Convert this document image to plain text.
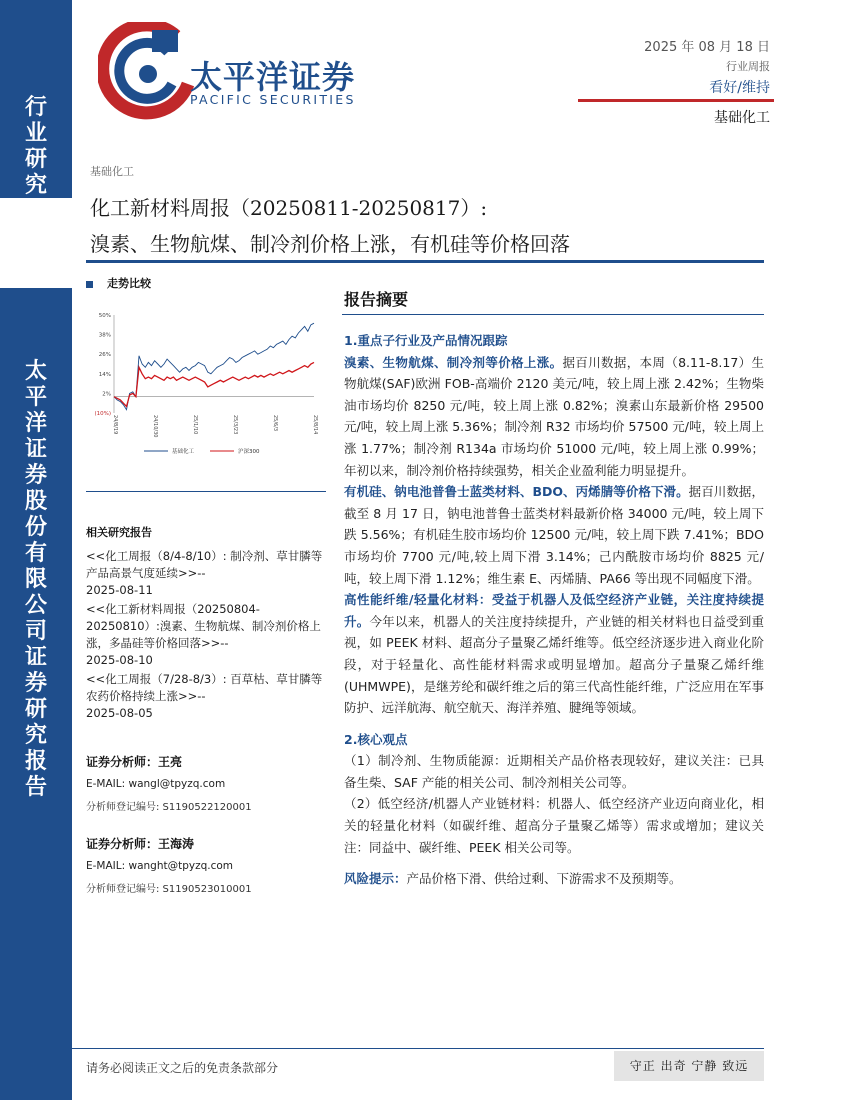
行
业
研
究
太
平
洋
证
券
股
份
有
限
公
司
证
券
研
究
报
告
太平洋证券
PACIFIC SECURITIES
2025 年 08 月 18 日
行业周报
看好/维持
基础化工
基础化工
化工新材料周报（20250811-20250817）:
溴素、生物航煤、制冷剂价格上涨，有机硅等价格回落
走势比较
50%
38%
26%
14%
2%
(10%)
24/8/19	24/10/30	25/1/10	25/3/23	25/6/3	25/8/14
基础化工	沪深300
相关研究报告
<<化工周报（8/4-8/10）: 制冷剂、草甘膦等产品高景气度延续>>--
2025-08-11
<<化工新材料周报（20250804-20250810）:溴素、生物航煤、制冷剂价格上涨，多晶硅等价格回落>>--
2025-08-10
<<化工周报（7/28-8/3）: 百草枯、草甘膦等农药价格持续上涨>>--
2025-08-05
证券分析师：王亮
E-MAIL: wangl@tpyzq.com
分析师登记编号: S1190522120001
证券分析师：王海涛
E-MAIL: wanght@tpyzq.com
分析师登记编号: S1190523010001
报告摘要

1.重点子行业及产品情况跟踪

溴素、生物航煤、制冷剂等价格上涨。据百川数据，本周（8.11-8.17）生物航煤(SAF)欧洲 FOB-高端价 2120 美元/吨，较上周上涨 2.42%；生物柴油市场均价 8250 元/吨，较上周上涨 0.82%；溴素山东最新价格 29500 元/吨，较上周上涨 5.36%；制冷剂 R32 市场均价 57500 元/吨，较上周上涨 1.77%；制冷剂 R134a 市场均价 51000 元/吨，较上周上涨 0.99%；年初以来，制冷剂价格持续强势，相关企业盈利能力明显提升。

有机硅、钠电池普鲁士蓝类材料、BDO、丙烯腈等价格下滑。据百川数据，截至 8 月 17 日，钠电池普鲁士蓝类材料最新价格 34000 元/吨，较上周下跌 5.56%；有机硅生胶市场均价 12500 元/吨，较上周下跌 7.41%；BDO 市场均价 7700 元/吨,较上周下滑 3.14%；己内酰胺市场均价 8825 元/吨，较上周下滑 1.12%；维生素 E、丙烯腈、PA66 等出现不同幅度下滑。

高性能纤维/轻量化材料：受益于机器人及低空经济产业链，关注度持续提升。今年以来，机器人的关注度持续提升，产业链的相关材料也日益受到重视，如 PEEK 材料、超高分子量聚乙烯纤维等。低空经济逐步进入商业化阶段，对于轻量化、高性能材料需求或明显增加。超高分子量聚乙烯纤维(UHMWPE)，是继芳纶和碳纤维之后的第三代高性能纤维，广泛应用在军事防护、远洋航海、航空航天、海洋养殖、腱绳等领域。

2.核心观点

（1）制冷剂、生物质能源：近期相关产品价格表现较好，建议关注：已具备生柴、SAF 产能的相关公司、制冷剂相关公司等。

（2）低空经济/机器人产业链材料：机器人、低空经济产业迈向商业化，相关的轻量化材料（如碳纤维、超高分子量聚乙烯等）需求或增加；建议关注：同益中、碳纤维、PEEK 相关公司等。

风险提示：产品价格下滑、供给过剩、下游需求不及预期等。

请务必阅读正文之后的免责条款部分	守正 出奇 宁静 致远
